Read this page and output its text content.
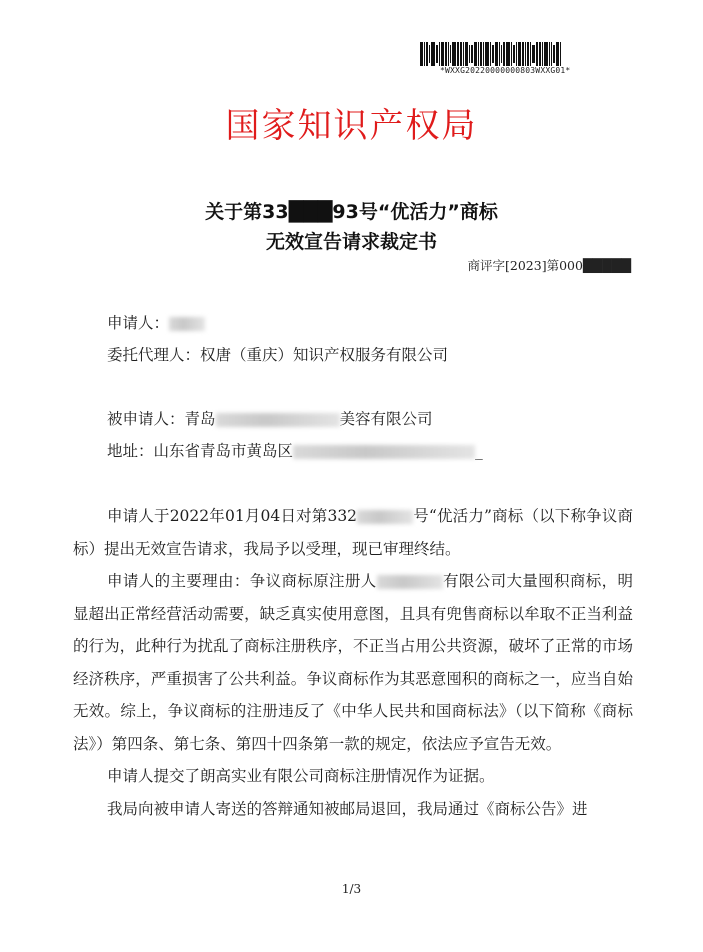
*WXXG20220000000803WXXG01*
国家知识产权局
关于第33███93号“优活力”商标
无效宣告请求裁定书
商评字[2023]第000█████
申请人：
委托代理人：权唐（重庆）知识产权服务有限公司
被申请人：青岛	美容有限公司
地址：山东省青岛市黄岛区	_

申请人于2022年01月04日对第332	号“优活力”商标（以下称争议商标）提出无效宣告请求，我局予以受理，现已审理终结。

申请人的主要理由：争议商标原注册人	有限公司大量囤积商标，明显超出正常经营活动需要，缺乏真实使用意图，且具有兜售商标以牟取不正当利益的行为，此种行为扰乱了商标注册秩序，不正当占用公共资源，破坏了正常的市场经济秩序，严重损害了公共利益。争议商标作为其恶意囤积的商标之一，应当自始无效。综上，争议商标的注册违反了《中华人民共和国商标法》（以下简称《商标法》）第四条、第七条、第四十四条第一款的规定，依法应予宣告无效。

申请人提交了朗高实业有限公司商标注册情况作为证据。

我局向被申请人寄送的答辩通知被邮局退回，我局通过《商标公告》进

1/3
